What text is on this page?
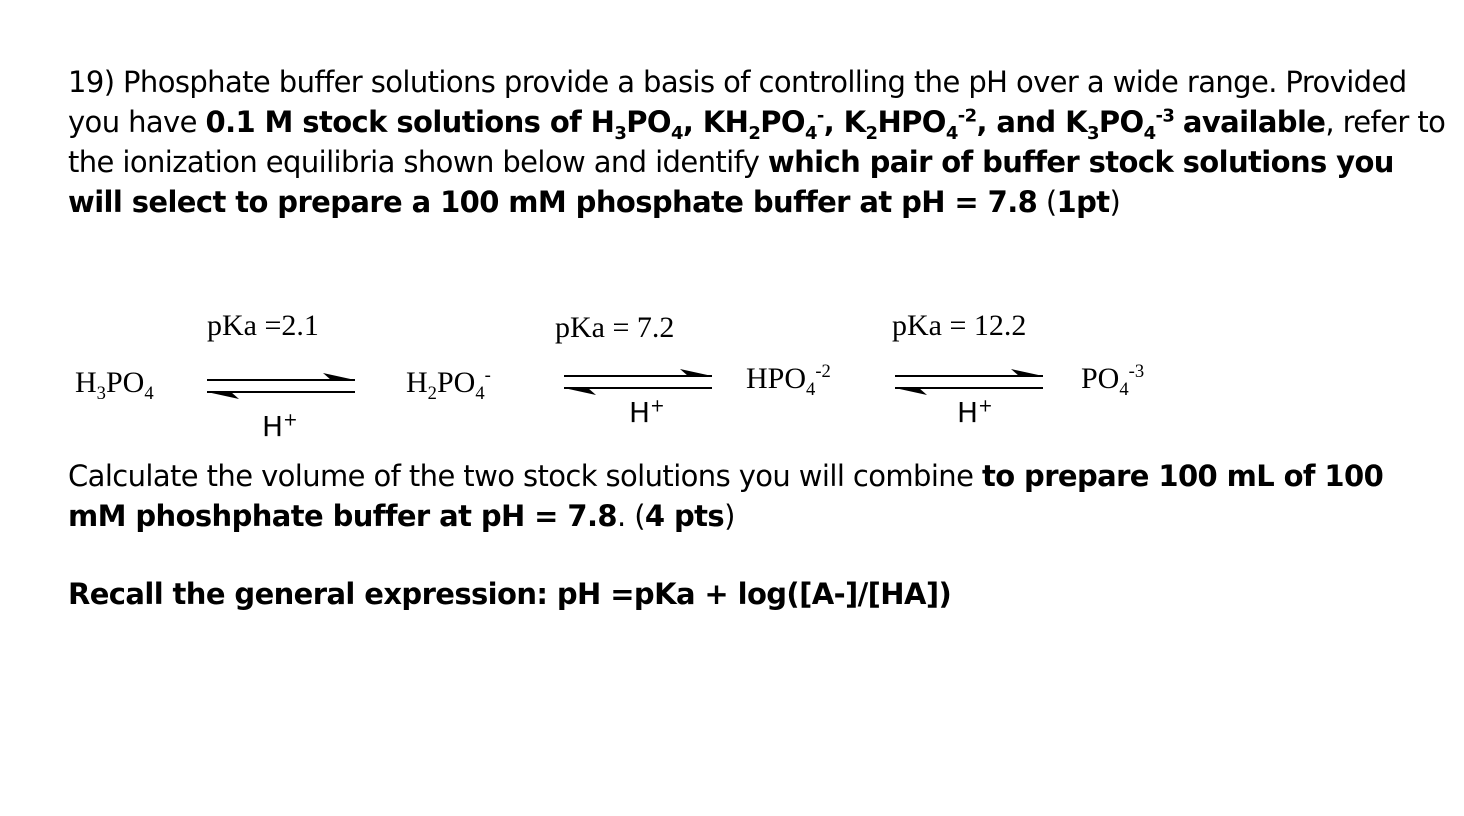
19) Phosphate buffer solutions provide a basis of controlling the pH over a wide range. Provided you have 0.1 M stock solutions of $H_3PO_4$, $KH_2PO_4^-$, $K_2HPO_4^{-2}$, and $K_3PO_4^{-3}$ available, refer to the ionization equilibria shown below and identify which pair of buffer stock solutions you will select to prepare a 100 mM phosphate buffer at pH = 7.8 (1pt)
pKa =2.1	pKa = 7.2	pKa = 12.2
$H_3PO_4$	$H_2PO_4^-$	$HPO_4^{-2}$	$PO_4^{-3}$
H+	H+	H+
Calculate the volume of the two stock solutions you will combine to prepare 100 mL of 100 mM phoshphate buffer at pH = 7.8. (4 pts)
Recall the general expression: pH =pKa + log([A-]/[HA])
